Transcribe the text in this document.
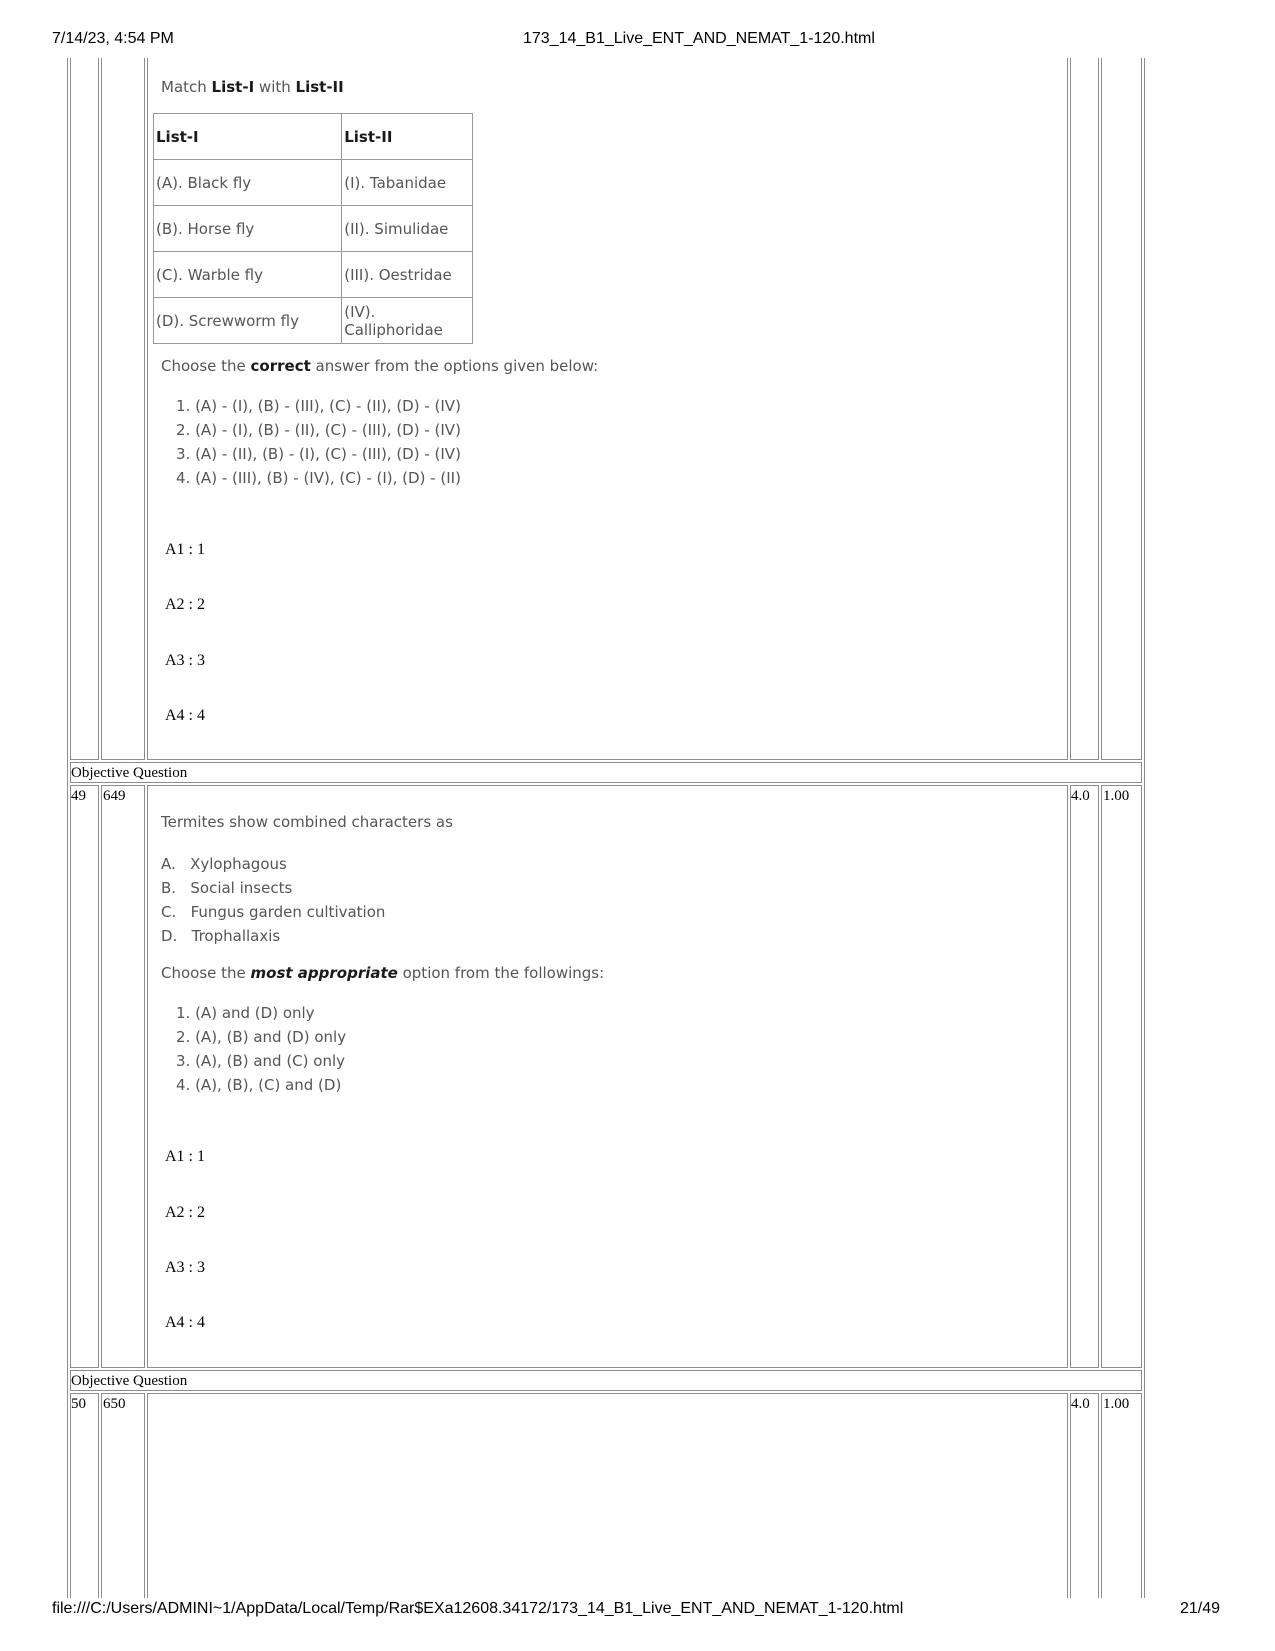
7/14/23, 4:54 PM	173_14_B1_Live_ENT_AND_NEMAT_1-120.html
Match List-I with List-II
List-I	List-II
(A). Black fly	(I). Tabanidae
(B). Horse fly	(II). Simulidae
(C). Warble fly	(III). Oestridae
(D). Screwworm fly	(IV). Calliphoridae
Choose the correct answer from the options given below:
1. (A) - (I), (B) - (III), (C) - (II), (D) - (IV)
2. (A) - (I), (B) - (II), (C) - (III), (D) - (IV)
3. (A) - (II), (B) - (I), (C) - (III), (D) - (IV)
4. (A) - (III), (B) - (IV), (C) - (I), (D) - (II)
A1 : 1
A2 : 2
A3 : 3
A4 : 4
Objective Question
49 649	4.0 1.00
Termites show combined characters as
A. Xylophagous
B. Social insects
C. Fungus garden cultivation
D. Trophallaxis
Choose the most appropriate option from the followings:
1. (A) and (D) only
2. (A), (B) and (D) only
3. (A), (B) and (C) only
4. (A), (B), (C) and (D)
A1 : 1
A2 : 2
A3 : 3
A4 : 4
Objective Question
50 650	4.0 1.00
file:///C:/Users/ADMINI~1/AppData/Local/Temp/Rar$EXa12608.34172/173_14_B1_Live_ENT_AND_NEMAT_1-120.html	21/49
